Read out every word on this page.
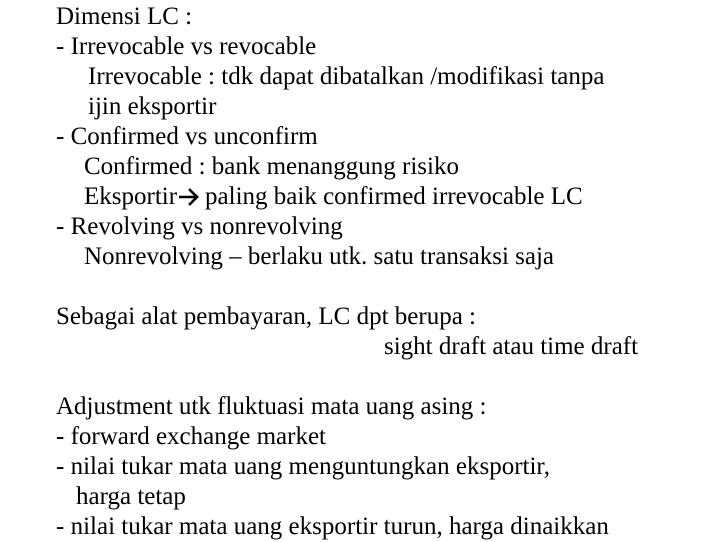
Dimensi LC :
- Irrevocable vs revocable
Irrevocable : tdk dapat dibatalkan /modifikasi tanpa
ijin eksportir
- Confirmed vs unconfirm
Confirmed : bank menanggung risiko
Eksportir paling baik confirmed irrevocable LC
- Revolving vs nonrevolving
Nonrevolving – berlaku utk. satu transaksi saja
Sebagai alat pembayaran, LC dpt berupa :
sight draft atau time draft
Adjustment utk fluktuasi mata uang asing :
- forward exchange market
- nilai tukar mata uang menguntungkan eksportir,
harga tetap
- nilai tukar mata uang eksportir turun, harga dinaikkan
